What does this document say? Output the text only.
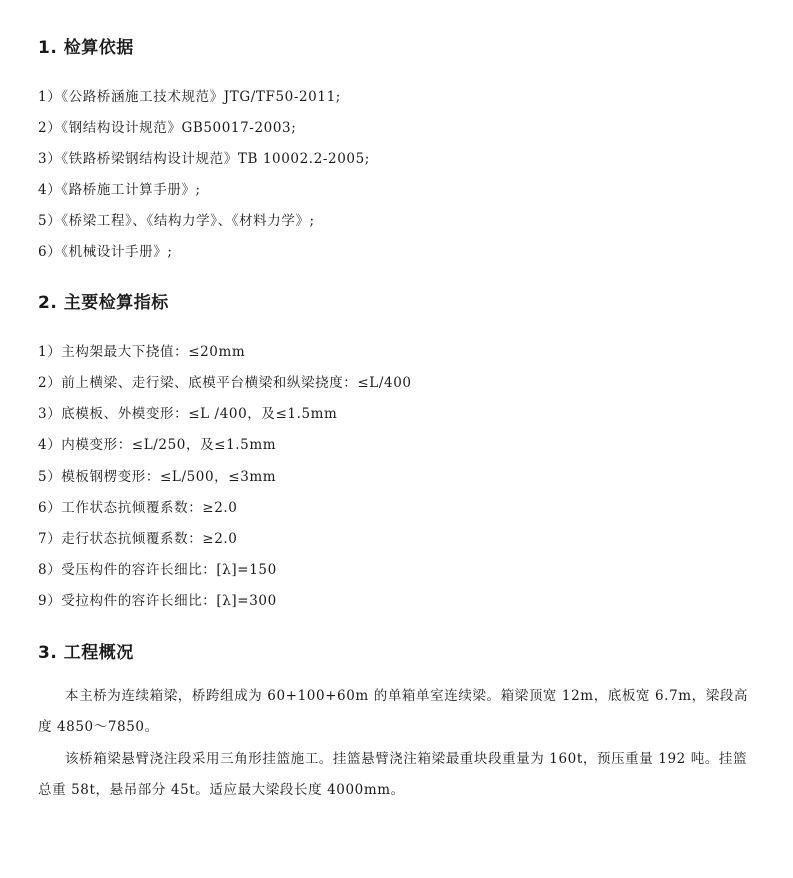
1. 检算依据
1）《公路桥涵施工技术规范》JTG/TF50-2011;
2）《钢结构设计规范》GB50017-2003;
3）《铁路桥梁钢结构设计规范》TB 10002.2-2005;
4）《路桥施工计算手册》;
5）《桥梁工程》、《结构力学》、《材料力学》;
6）《机械设计手册》;
2. 主要检算指标
1）主构架最大下挠值：≤20mm
2）前上横梁、走行梁、底模平台横梁和纵梁挠度：≤L/400
3）底模板、外模变形：≤L /400，及≤1.5mm
4）内模变形：≤L/250，及≤1.5mm
5）模板钢楞变形：≤L/500，≤3mm
6）工作状态抗倾覆系数：≥2.0
7）走行状态抗倾覆系数：≥2.0
8）受压构件的容许长细比：[λ]=150
9）受拉构件的容许长细比：[λ]=300
3. 工程概况
本主桥为连续箱梁，桥跨组成为 60+100+60m 的单箱单室连续梁。箱梁顶宽 12m，底板宽 6.7m，梁段高度 4850～7850。
该桥箱梁悬臂浇注段采用三角形挂篮施工。挂篮悬臂浇注箱梁最重块段重量为 160t，预压重量 192 吨。挂篮总重 58t，悬吊部分 45t。适应最大梁段长度 4000mm。
